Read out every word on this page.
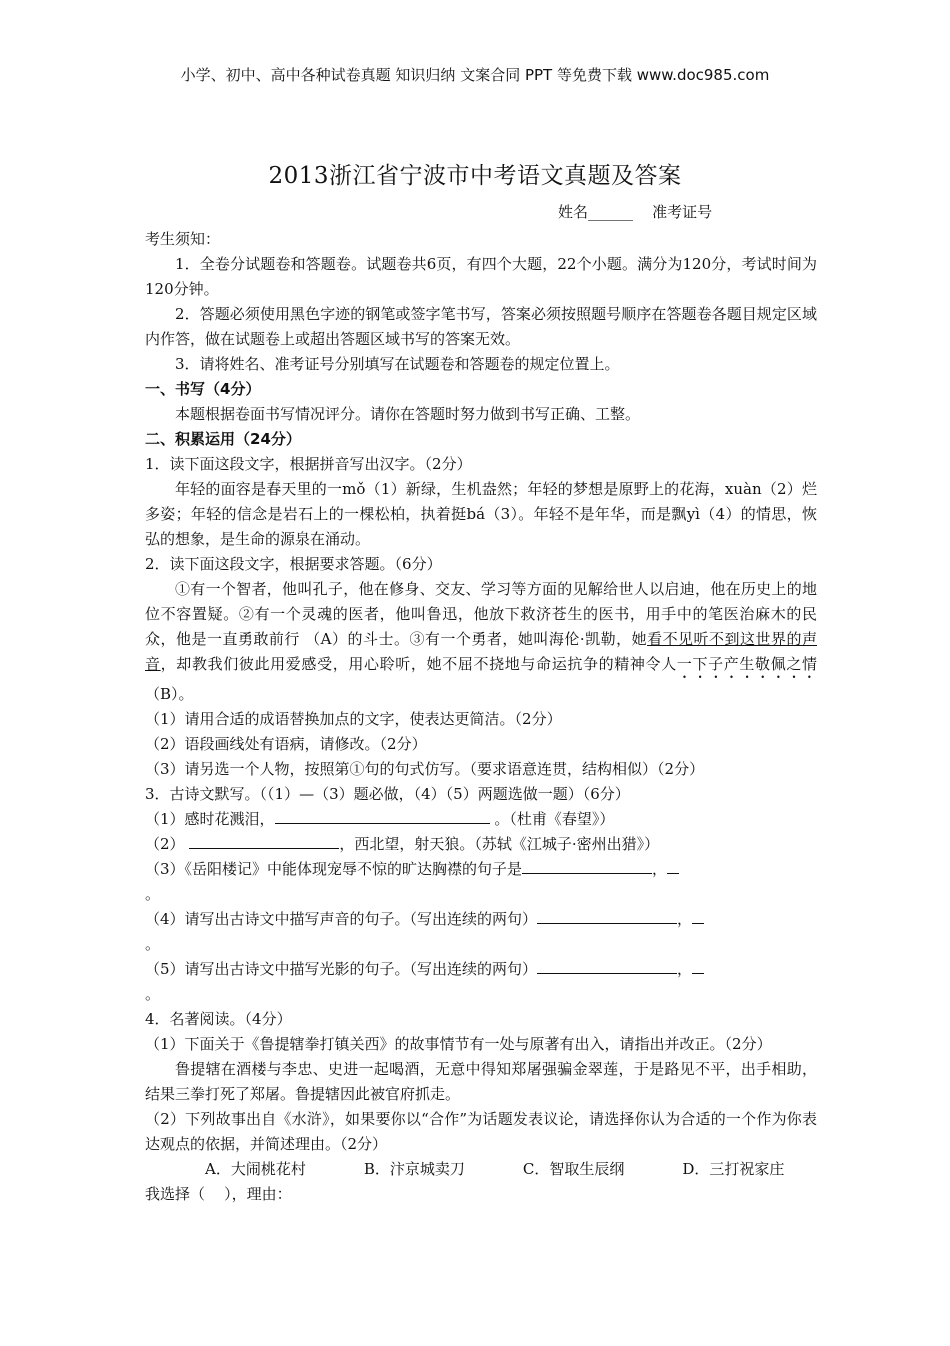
小学、初中、高中各种试卷真题 知识归纳 文案合同 PPT 等免费下载 www.doc985.com
2013浙江省宁波市中考语文真题及答案
姓名______ 准考证号

考生须知：

1．全卷分试题卷和答题卷。试题卷共6页，有四个大题，22个小题。满分为120分，考试时间为120分钟。

2．答题必须使用黑色字迹的钢笔或签字笔书写，答案必须按照题号顺序在答题卷各题目规定区域内作答，做在试题卷上或超出答题区域书写的答案无效。

3．请将姓名、准考证号分别填写在试题卷和答题卷的规定位置上。

一、书写（4分）

本题根据卷面书写情况评分。请你在答题时努力做到书写正确、工整。

二、积累运用（24分）

1．读下面这段文字，根据拼音写出汉字。（2分）

年轻的面容是春天里的一mǒ（1）新绿，生机盎然；年轻的梦想是原野上的花海，xuàn（2）烂多姿；年轻的信念是岩石上的一棵松柏，执着挺bá（3）。年轻不是年华，而是飘yì（4）的情思，恢弘的想象，是生命的源泉在涌动。

2．读下面这段文字，根据要求答题。（6分）

①有一个智者，他叫孔子，他在修身、交友、学习等方面的见解给世人以启迪，他在历史上的地位不容置疑。②有一个灵魂的医者，他叫鲁迅，他放下救济苍生的医书，用手中的笔医治麻木的民众，他是一直勇敢前行 （A）的斗士。③有一个勇者，她叫海伦·凯勒，她看不见听不到这世界的声音，却教我们彼此用爱感受，用心聆听，她不屈不挠地与命运抗争的精神令人一下子产生敬佩之情（B）。

（1）请用合适的成语替换加点的文字，使表达更简洁。（2分）

（2）语段画线处有语病，请修改。（2分）

（3）请另选一个人物，按照第①句的句式仿写。（要求语意连贯，结构相似）（2分）

3．古诗文默写。（（1）—（3）题必做，（4）（5）两题选做一题）（6分）

（1）感时花溅泪，	。（杜甫《春望》）

（2）	，西北望，射天狼。（苏轼《江城子·密州出猎》）

（3）《岳阳楼记》中能体现宠辱不惊的旷达胸襟的句子是	，

。

（4）请写出古诗文中描写声音的句子。（写出连续的两句）	，

。

（5）请写出古诗文中描写光影的句子。（写出连续的两句）	，

。

4．名著阅读。（4分）

（1）下面关于《鲁提辖拳打镇关西》的故事情节有一处与原著有出入，请指出并改正。（2分）

鲁提辖在酒楼与李忠、史进一起喝酒，无意中得知郑屠强骗金翠莲，于是路见不平，出手相助，结果三拳打死了郑屠。鲁提辖因此被官府抓走。

（2）下列故事出自《水浒》，如果要你以“合作”为话题发表议论，请选择你认为合适的一个作为你表达观点的依据，并简述理由。（2分）

A．大闹桃花村	B．汴京城卖刀	C．智取生辰纲	D．三打祝家庄

我选择（    ），理由：
